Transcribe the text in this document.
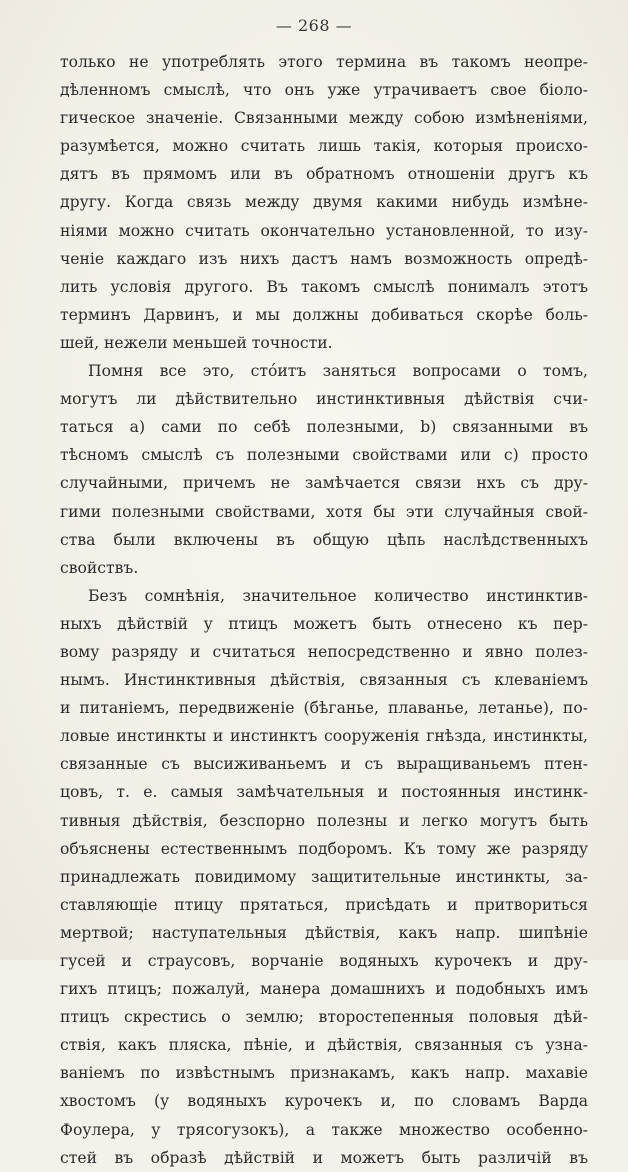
— 268 —
только не употреблять этого термина въ такомъ неопре-
дѣленномъ смыслѣ, что онъ уже утрачиваетъ свое біоло-
гическое значеніе. Связанными между собою измѣненіями,
разумѣется, можно считать лишь такія, которыя происхо-
дятъ въ прямомъ или въ обратномъ отношеніи другъ къ
другу. Когда связь между двумя какими нибудь измѣне-
ніями можно считать окончательно установленной, то изу-
ченіе каждаго изъ нихъ дастъ намъ возможность опредѣ-
лить условія другого. Въ такомъ смыслѣ понималъ этотъ
терминъ Дарвинъ, и мы должны добиваться скорѣе боль-
шей, нежели меньшей точности.
Помня все это, стóитъ заняться вопросами о томъ,
могутъ ли дѣйствительно инстинктивныя дѣйствія счи-
таться а) сами по себѣ полезными, b) связанными въ
тѣсномъ смыслѣ съ полезными свойствами или с) просто
случайными, причемъ не замѣчается связи нхъ съ дру-
гими полезными свойствами, хотя бы эти случайныя свой-
ства были включены въ общую цѣпь наслѣдственныхъ
свойствъ.
Безъ сомнѣнія, значительное количество инстинктив-
ныхъ дѣйствій у птицъ можетъ быть отнесено къ пер-
вому разряду и считаться непосредственно и явно полез-
нымъ. Инстинктивныя дѣйствія, связанныя съ клеваніемъ
и питаніемъ, передвиженіе (бѣганье, плаванье, летанье), по-
ловые инстинкты и инстинктъ сооруженія гнѣзда, инстинкты,
связанные съ высиживаньемъ и съ выращиваньемъ птен-
цовъ, т. е. самыя замѣчательныя и постоянныя инстинк-
тивныя дѣйствія, безспорно полезны и легко могутъ быть
объяснены естественнымъ подборомъ. Къ тому же разряду
принадлежать повидимому защитительные инстинкты, за-
ставляющіе птицу прятаться, присѣдать и притвориться
мертвой; наступательныя дѣйствія, какъ напр. шипѣніе
гусей и страусовъ, ворчаніе водяныхъ курочекъ и дру-
гихъ птицъ; пожалуй, манера домашнихъ и подобныхъ имъ
птицъ скрестись о землю; второстепенныя половыя дѣй-
ствія, какъ пляска, пѣніе, и дѣйствія, связанныя съ узна-
ваніемъ по извѣстнымъ признакамъ, какъ напр. махавіе
хвостомъ (у водяныхъ курочекъ и, по словамъ Варда
Фоулера, у трясогузокъ), а также множество особенно-
стей въ образѣ дѣйствій и можетъ быть различій въ
